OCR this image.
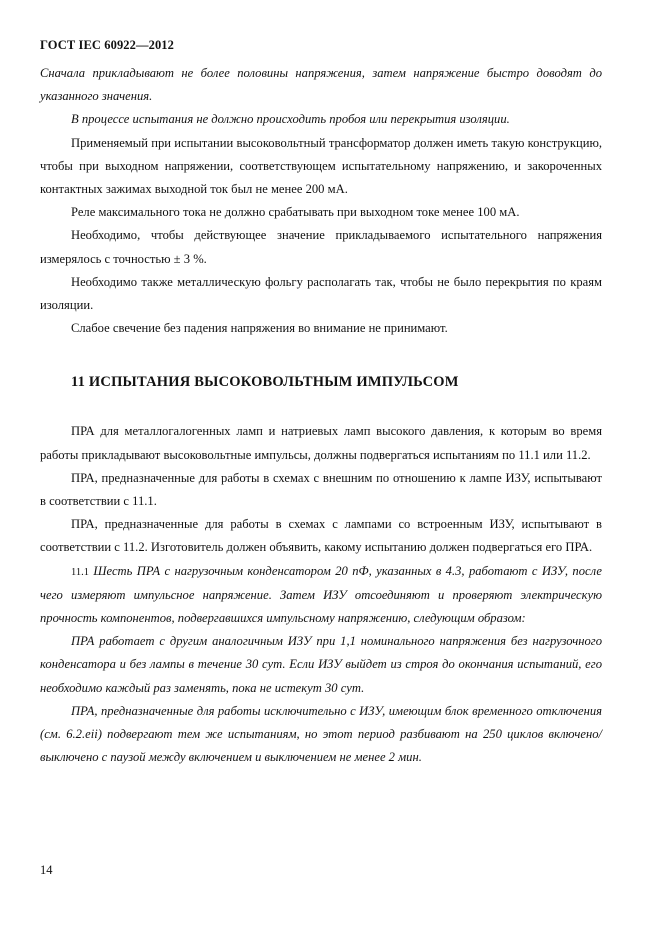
ГОСТ IEC 60922—2012

Сначала прикладывают не более половины напряжения, затем напряжение быстро доводят до указанного значения.

В процессе испытания не должно происходить пробоя или перекрытия изоляции.

Применяемый при испытании высоковольтный трансформатор должен иметь такую конструкцию, чтобы при выходном напряжении, соответствующем испытательному напряжению, и закороченных контактных зажимах выходной ток был не менее 200 мА.

Реле максимального тока не должно срабатывать при выходном токе менее 100 мА.

Необходимо, чтобы действующее значение прикладываемого испытательного напряжения измерялось с точностью ± 3 %.

Необходимо также металлическую фольгу располагать так, чтобы не было перекрытия по краям изоляции.

Слабое свечение без падения напряжения во внимание не принимают.

11 ИСПЫТАНИЯ ВЫСОКОВОЛЬТНЫМ ИМПУЛЬСОМ

ПРА для металлогалогенных ламп и натриевых ламп высокого давления, к которым во время работы прикладывают высоковольтные импульсы, должны подвергаться испытаниям по 11.1 или 11.2.

ПРА, предназначенные для работы в схемах с внешним по отношению к лампе ИЗУ, испытывают в соответствии с 11.1.

ПРА, предназначенные для работы в схемах с лампами со встроенным ИЗУ, испытывают в соответствии с 11.2. Изготовитель должен объявить, какому испытанию должен подвергаться его ПРА.

11.1 Шесть ПРА с нагрузочным конденсатором 20 пФ, указанных в 4.3, работают с ИЗУ, после чего измеряют импульсное напряжение. Затем ИЗУ отсоединяют и проверяют электрическую прочность компонентов, подвергавшихся импульсному напряжению, следующим образом:

ПРА работает с другим аналогичным ИЗУ при 1,1 номинального напряжения без нагрузочного конденсатора и без лампы в течение 30 сут. Если ИЗУ выйдет из строя до окончания испытаний, его необходимо каждый раз заменять, пока не истекут 30 сут.

ПРА, предназначенные для работы исключительно с ИЗУ, имеющим блок временного отключения (см. 6.2.еii) подвергают тем же испытаниям, но этот период разбивают на 250 циклов включено/выключено с паузой между включением и выключением не менее 2 мин.

14
